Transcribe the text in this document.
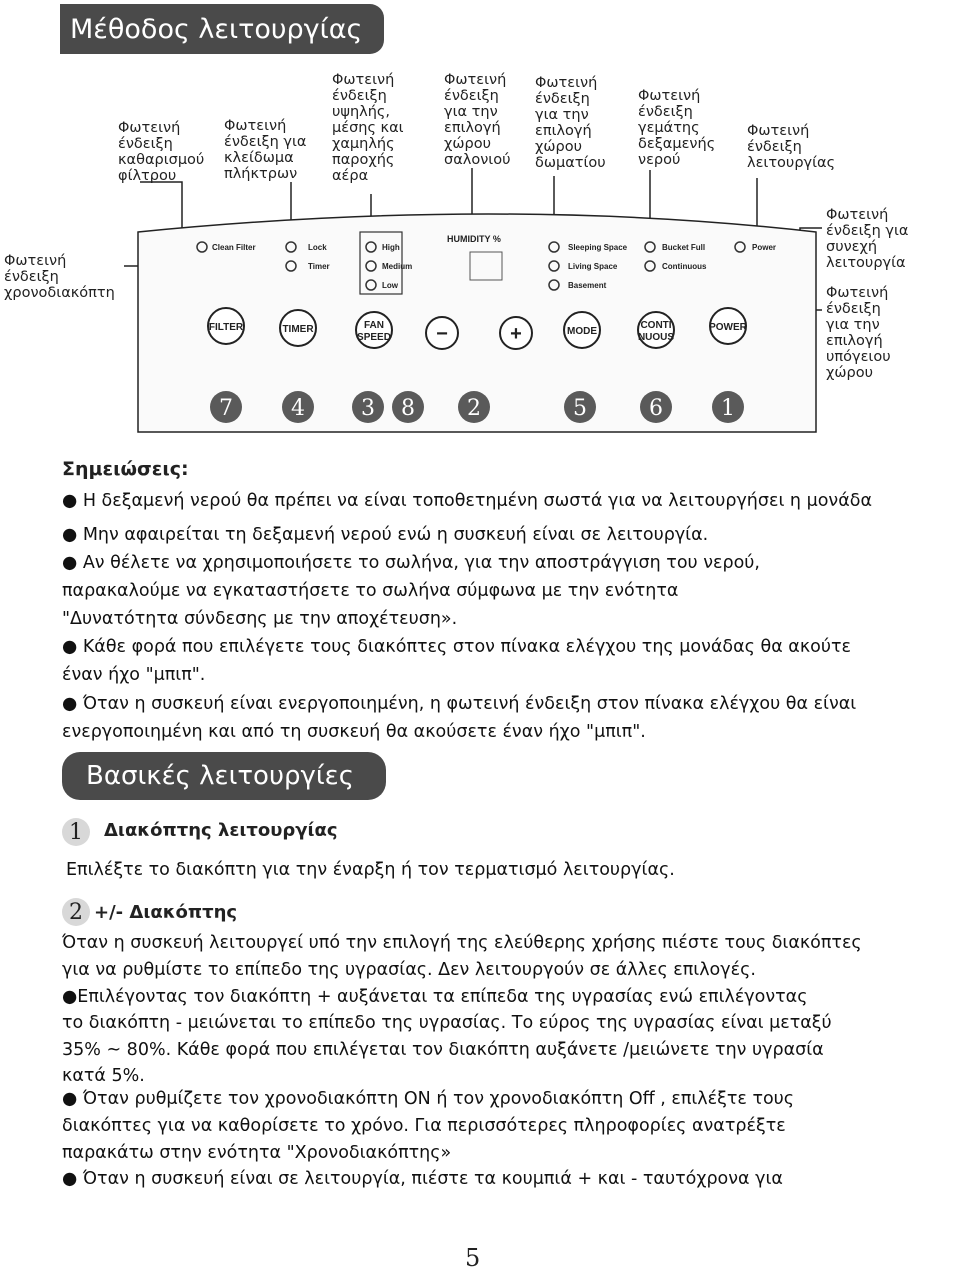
Μέθοδος λειτουργίας
Φωτεινή
ένδειξη
καθαρισμού
φίλτρου
Φωτεινή
ένδειξη για
κλείδωμα
πλήκτρων
Φωτεινή
ένδειξη
υψηλής,
μέσης και
χαμηλής
παροχής
αέρα
Φωτεινή
ένδειξη
για την
επιλογή
χώρου
σαλονιού
Φωτεινή
ένδειξη
για την
επιλογή
χώρου
δωματίου
Φωτεινή
ένδειξη
γεμάτης
δεξαμενής
νερού
Φωτεινή
ένδειξη
λειτουργίας
Φωτεινή
ένδειξη
χρονοδιακόπτη
Φωτεινή
ένδειξη για
συνεχή
λειτουργία
Φωτεινή
ένδειξη
για την
επιλογή
υπόγειου
χώρου
Clean Filter	Lock
Timer
High
Medium
Low
HUMIDITY %
Sleeping Space
Living Space
Basement
Bucket Full
Continuous
Power
FILTER	TIMER	FAN
SPEED −	+	MODE
CONTI
NUOUS
POWER
7	4	3 8 2	5	6	1
Σημειώσεις:
● Η δεξαμενή νερού θα πρέπει να είναι τοποθετημένη σωστά για να λειτουργήσει η μονάδα
● Μην αφαιρείται τη δεξαμενή νερού ενώ η συσκευή είναι σε λειτουργία.
● Αν θέλετε να χρησιμοποιήσετε το σωλήνα, για την αποστράγγιση του νερού,
παρακαλούμε να εγκαταστήσετε το σωλήνα σύμφωνα με την ενότητα
"Δυνατότητα σύνδεσης με την αποχέτευση».
● Κάθε φορά που επιλέγετε τους διακόπτες στον πίνακα ελέγχου της μονάδας θα ακούτε
έναν ήχο "μπιπ".
● Όταν η συσκευή είναι ενεργοποιημένη, η φωτεινή ένδειξη στον πίνακα ελέγχου θα είναι
ενεργοποιημένη και από τη συσκευή θα ακούσετε έναν ήχο "μπιπ".
Βασικές λειτουργίες
1	Διακόπτης λειτουργίας
Επιλέξτε το διακόπτη για την έναρξη ή τον τερματισμό λειτουργίας.
2 +/- Διακόπτης
Όταν η συσκευή λειτουργεί υπό την επιλογή της ελεύθερης χρήσης πιέστε τους διακόπτες
για να ρυθμίστε το επίπεδο της υγρασίας. Δεν λειτουργούν σε άλλες επιλογές.
●Επιλέγοντας τον διακόπτη + αυξάνεται τα επίπεδα της υγρασίας ενώ επιλέγοντας
το διακόπτη - μειώνεται το επίπεδο της υγρασίας. Το εύρος της υγρασίας είναι μεταξύ
35% ~ 80%. Κάθε φορά που επιλέγεται τον διακόπτη αυξάνετε /μειώνετε την υγρασία
κατά 5%.
● Όταν ρυθμίζετε τον χρονοδιακόπτη ON ή τον χρονοδιακόπτη Off , επιλέξτε τους
διακόπτες για να καθορίσετε το χρόνο. Για περισσότερες πληροφορίες ανατρέξτε
παρακάτω στην ενότητα "Χρονοδιακόπτης»
● Όταν η συσκευή είναι σε λειτουργία, πιέστε τα κουμπιά + και - ταυτόχρονα για
5
